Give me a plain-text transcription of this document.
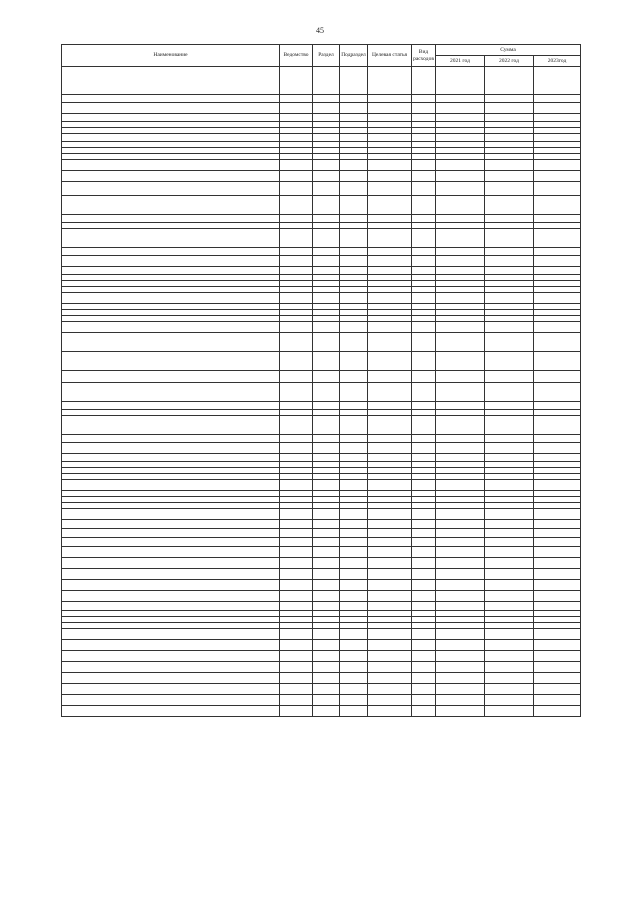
45
Наименование	Ведомство	Раздел	Подраздел	Целевая статья	Вид расходов	Сумма		
						2021 год	2022 год	2023год
